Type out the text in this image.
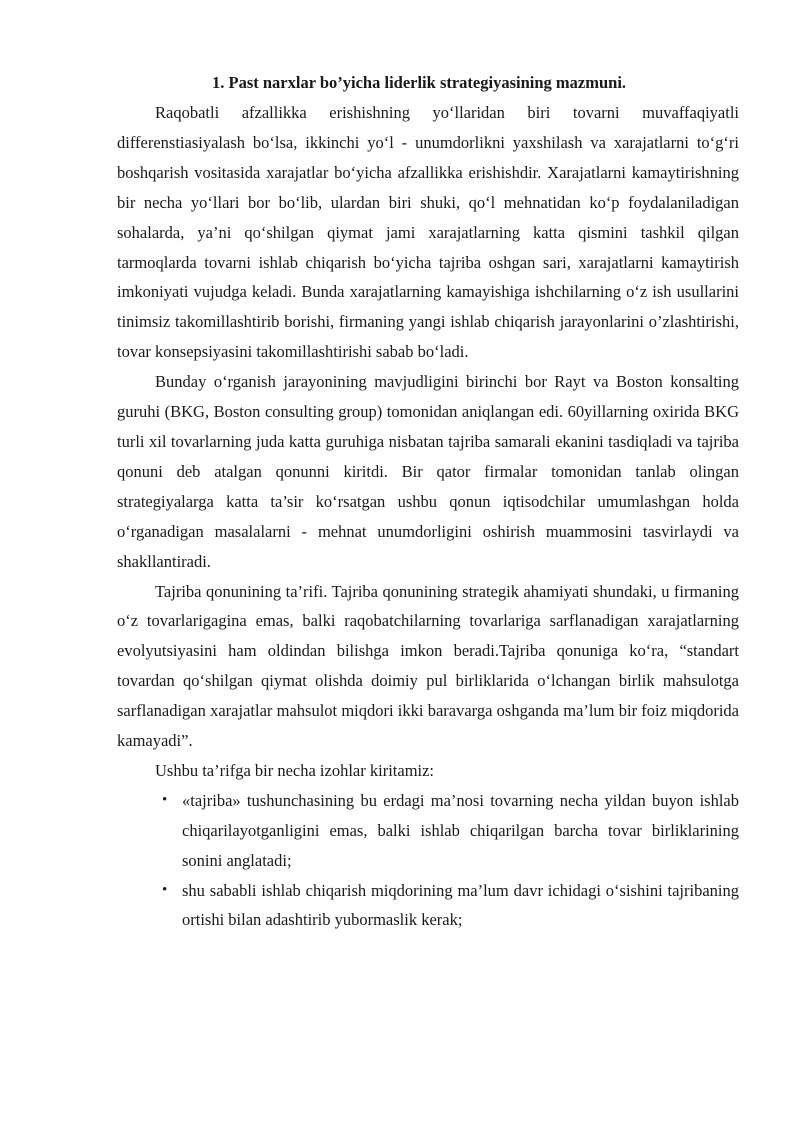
1. Past narxlar bo’yicha liderlik strategiyasining mazmuni.

Raqobatli afzallikka erishishning yo‘llaridan biri tovarni muvaffaqiyatli differenstiasiyalash bo‘lsa, ikkinchi yo‘l - unumdorlikni yaxshilash va xarajatlarni to‘g‘ri boshqarish vositasida xarajatlar bo‘yicha afzallikka erishishdir. Xarajatlarni kamaytirishning bir necha yo‘llari bor bo‘lib, ulardan biri shuki, qo‘l mehnatidan ko‘p foydalaniladigan sohalarda, ya’ni qo‘shilgan qiymat jami xarajatlarning katta qismini tashkil qilgan tarmoqlarda tovarni ishlab chiqarish bo‘yicha tajriba oshgan sari, xarajatlarni kamaytirish imkoniyati vujudga keladi. Bunda xarajatlarning kamayishiga ishchilarning o‘z ish usullarini tinimsiz takomillashtirib borishi, firmaning yangi ishlab chiqarish jarayonlarini o’zlashtirishi, tovar konsepsiyasini takomillashtirishi sabab bo‘ladi.

Bunday o‘rganish jarayonining mavjudligini birinchi bor Rayt va Boston konsalting guruhi (BKG, Boston consulting group) tomonidan aniqlangan edi. 60yillarning oxirida BKG turli xil tovarlarning juda katta guruhiga nisbatan tajriba samarali ekanini tasdiqladi va tajriba qonuni deb atalgan qonunni kiritdi. Bir qator firmalar tomonidan tanlab olingan strategiyalarga katta ta’sir ko‘rsatgan ushbu qonun iqtisodchilar umumlashgan holda o‘rganadigan masalalarni - mehnat unumdorligini oshirish muammosini tasvirlaydi va shakllantiradi.

Tajriba qonunining ta’rifi. Tajriba qonunining strategik ahamiyati shundaki, u firmaning o‘z tovarlarigagina emas, balki raqobatchilarning tovarlariga sarflanadigan xarajatlarning evolyutsiyasini ham oldindan bilishga imkon beradi.Tajriba qonuniga ko‘ra, “standart tovardan qo‘shilgan qiymat olishda doimiy pul birliklarida o‘lchangan birlik mahsulotga sarflanadigan xarajatlar mahsulot miqdori ikki baravarga oshganda ma’lum bir foiz miqdorida kamayadi”.

Ushbu ta’rifga bir necha izohlar kiritamiz:

• «tajriba» tushunchasining bu erdagi ma’nosi tovarning necha yildan buyon ishlab chiqarilayotganligini emas, balki ishlab chiqarilgan barcha tovar birliklarining sonini anglatadi;
• shu sababli ishlab chiqarish miqdorining ma’lum davr ichidagi o‘sishini tajribaning ortishi bilan adashtirib yubormaslik kerak;
